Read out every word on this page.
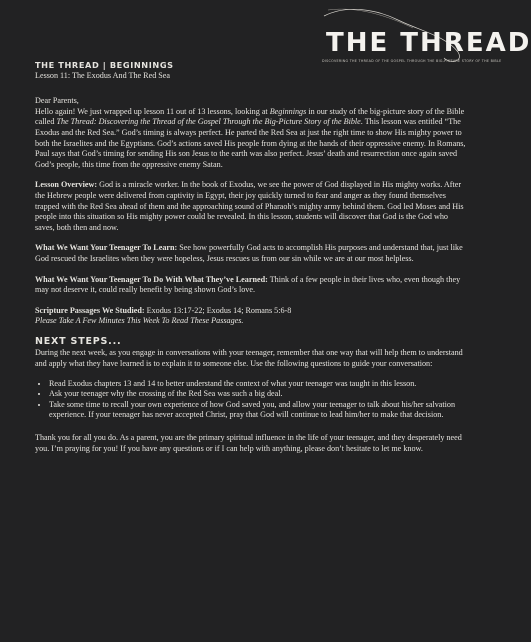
THE THREAD
DISCOVERING THE THREAD OF THE GOSPEL THROUGH THE BIG-PICTURE STORY OF THE BIBLE
THE THREAD | BEGINNINGS
Lesson 11: The Exodus And The Red Sea

Dear Parents,
Hello again! We just wrapped up lesson 11 out of 13 lessons, looking at Beginnings in our study of the big-picture story of the Bible called The Thread: Discovering the Thread of the Gospel Through the Big-Picture Story of the Bible. This lesson was entitled “The Exodus and the Red Sea.” God’s timing is always perfect. He parted the Red Sea at just the right time to show His mighty power to both the Israelites and the Egyptians. God’s actions saved His people from dying at the hands of their oppressive enemy. In Romans, Paul says that God’s timing for sending His son Jesus to the earth was also perfect. Jesus’ death and resurrection once again saved God’s people, this time from the oppressive enemy Satan.

Lesson Overview: God is a miracle worker. In the book of Exodus, we see the power of God displayed in His mighty works. After the Hebrew people were delivered from captivity in Egypt, their joy quickly turned to fear and anger as they found themselves trapped with the Red Sea ahead of them and the approaching sound of Pharaoh’s mighty army behind them. God led Moses and His people into this situation so His mighty power could be revealed. In this lesson, students will discover that God is the God who saves, both then and now.

What We Want Your Teenager To Learn: See how powerfully God acts to accomplish His purposes and understand that, just like God rescued the Israelites when they were hopeless, Jesus rescues us from our sin while we are at our most helpless.

What We Want Your Teenager To Do With What They’ve Learned: Think of a few people in their lives who, even though they may not deserve it, could really benefit by being shown God’s love.

Scripture Passages We Studied: Exodus 13:17-22; Exodus 14; Romans 5:6-8
Please Take A Few Minutes This Week To Read These Passages.

NEXT STEPS...
During the next week, as you engage in conversations with your teenager, remember that one way that will help them to understand and apply what they have learned is to explain it to someone else. Use the following questions to guide your conversation:
• Read Exodus chapters 13 and 14 to better understand the context of what your teenager was taught in this lesson.
• Ask your teenager why the crossing of the Red Sea was such a big deal.
• Take some time to recall your own experience of how God saved you, and allow your teenager to talk about his/her salvation experience. If your teenager has never accepted Christ, pray that God will continue to lead him/her to make that decision.

Thank you for all you do. As a parent, you are the primary spiritual influence in the life of your teenager, and they desperately need you. I’m praying for you! If you have any questions or if I can help with anything, please don’t hesitate to let me know.
